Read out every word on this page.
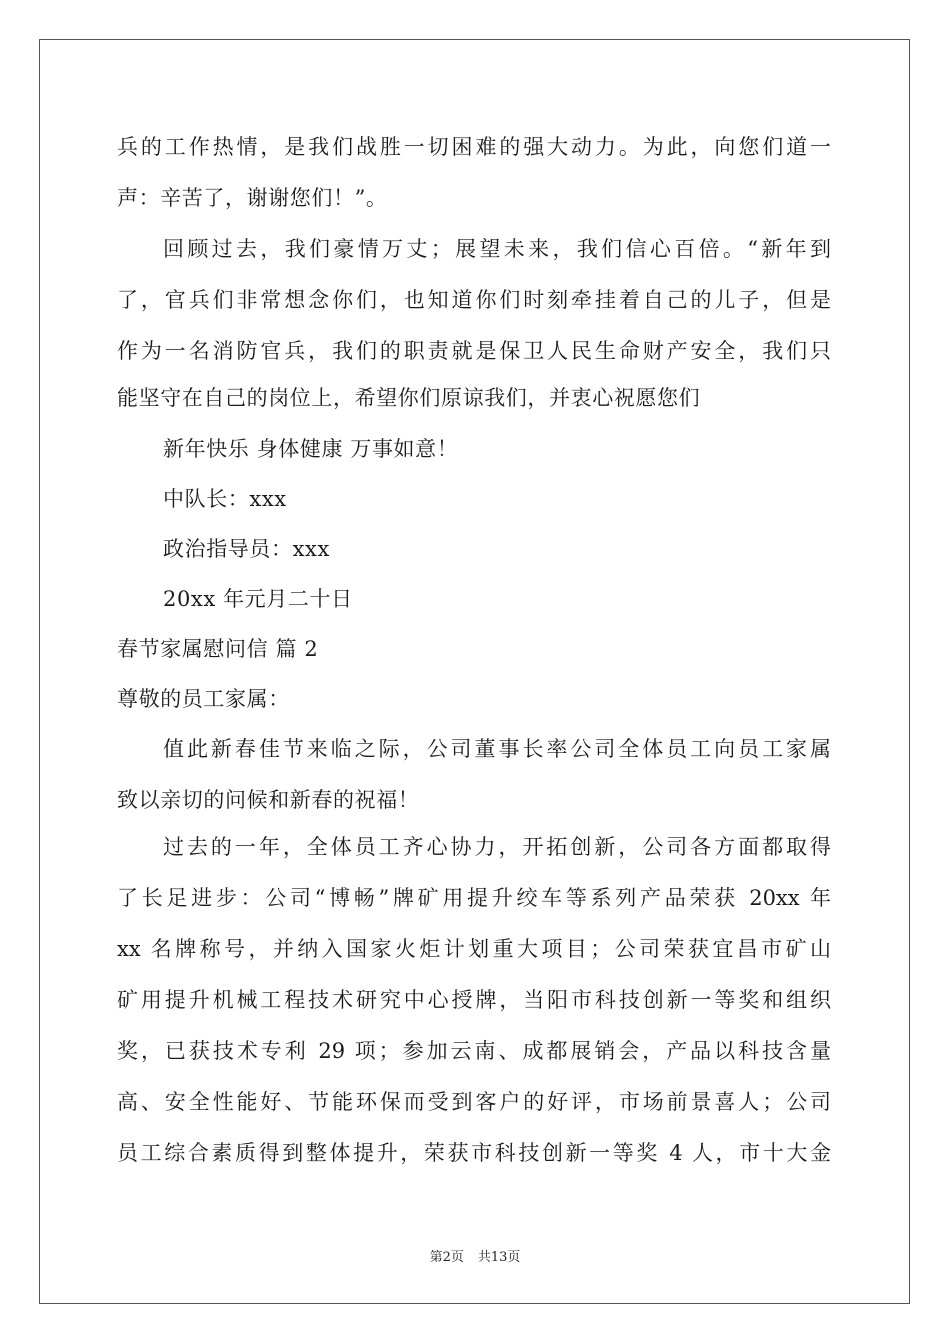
兵的工作热情，是我们战胜一切困难的强大动力。为此，向您们道一
声：辛苦了，谢谢您们！”。
回顾过去，我们豪情万丈；展望未来，我们信心百倍。“新年到
了，官兵们非常想念你们，也知道你们时刻牵挂着自己的儿子，但是
作为一名消防官兵，我们的职责就是保卫人民生命财产安全，我们只
能坚守在自己的岗位上，希望你们原谅我们，并衷心祝愿您们
新年快乐 身体健康 万事如意！
中队长：xxx
政治指导员：xxx
20xx 年元月二十日
春节家属慰问信 篇 2
尊敬的员工家属：
值此新春佳节来临之际，公司董事长率公司全体员工向员工家属
致以亲切的问候和新春的祝福！
过去的一年，全体员工齐心协力，开拓创新，公司各方面都取得
了长足进步：公司“博畅”牌矿用提升绞车等系列产品荣获 20xx 年
xx 名牌称号，并纳入国家火炬计划重大项目；公司荣获宜昌市矿山
矿用提升机械工程技术研究中心授牌，当阳市科技创新一等奖和组织
奖，已获技术专利 29 项；参加云南、成都展销会，产品以科技含量
高、安全性能好、节能环保而受到客户的好评，市场前景喜人；公司
员工综合素质得到整体提升，荣获市科技创新一等奖 4 人，市十大金
第2页 共13页
